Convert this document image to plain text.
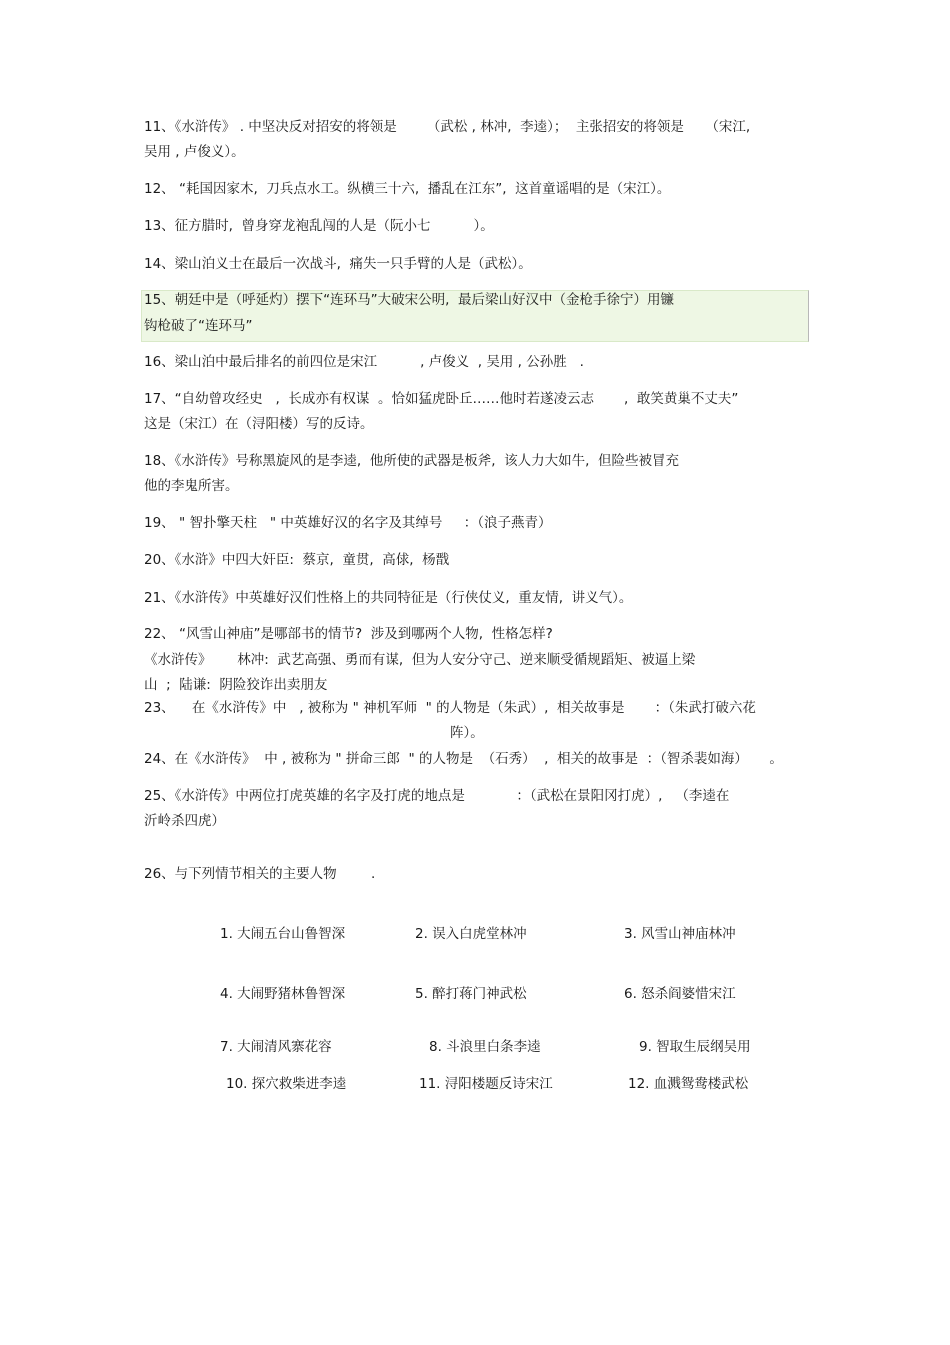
11、《水浒传》 . 中坚决反对招安的将领是       （武松 , 林冲,  李逵）；  主张招安的将领是     （宋江,
吴用 , 卢俊义）。
12、 “耗国因家木,  刀兵点水工。纵横三十六,  播乱在江东”,  这首童谣唱的是（宋江）。
13、征方腊时,  曾身穿龙袍乱闯的人是（阮小七          ）。
14、梁山泊义士在最后一次战斗,  痛失一只手臂的人是（武松）。
15、朝廷中是（呼延灼）摆下“连环马”大破宋公明,  最后梁山好汉中（金枪手徐宁）用镰
钩枪破了“连环马”
16、梁山泊中最后排名的前四位是宋江          , 卢俊义  , 吴用 , 公孙胜   .
17、“自幼曾攻经史   ,  长成亦有权谋  。恰如猛虎卧丘……他时若遂凌云志       ,  敢笑黄巢不丈夫”
这是（宋江）在（浔阳楼）写的反诗。
18、《水浒传》号称黑旋风的是李逵,  他所使的武器是板斧,  该人力大如牛,  但险些被冒充
他的李鬼所害。
19、 " 智扑擎天柱   " 中英雄好汉的名字及其绰号     ：（浪子燕青）
20、《水浒》中四大奸臣:  蔡京,  童贯,  高俅,  杨戬
21、《水浒传》中英雄好汉们性格上的共同特征是（行侠仗义,  重友情,  讲义气）。
22、 “风雪山神庙”是哪部书的情节?  涉及到哪两个人物,  性格怎样?
《水浒传》      林冲:  武艺高强、勇而有谋,  但为人安分守己、逆来顺受循规蹈矩、被逼上梁
山  ;  陆谦:  阴险狡诈出卖朋友
23、    在《水浒传》中   , 被称为 " 神机军师  " 的人物是（朱武）,  相关故事是       ：（朱武打破六花
阵）。
24、在《水浒传》  中 , 被称为 " 拼命三郎  " 的人物是  （石秀）  ,  相关的故事是  ：（智杀裴如海）     。
25、《水浒传》中两位打虎英雄的名字及打虎的地点是            ：（武松在景阳冈打虎）,   （李逵在
沂岭杀四虎）
26、与下列情节相关的主要人物        .
1. 大闹五台山鲁智深	2. 误入白虎堂林冲	3. 风雪山神庙林冲
4. 大闹野猪林鲁智深	5. 醉打蒋门神武松	6. 怒杀阎婆惜宋江
7. 大闹清风寨花容	8. 斗浪里白条李逵	9. 智取生辰纲吴用
10. 探穴救柴进李逵	11. 浔阳楼题反诗宋江	12. 血溅鸳鸯楼武松
